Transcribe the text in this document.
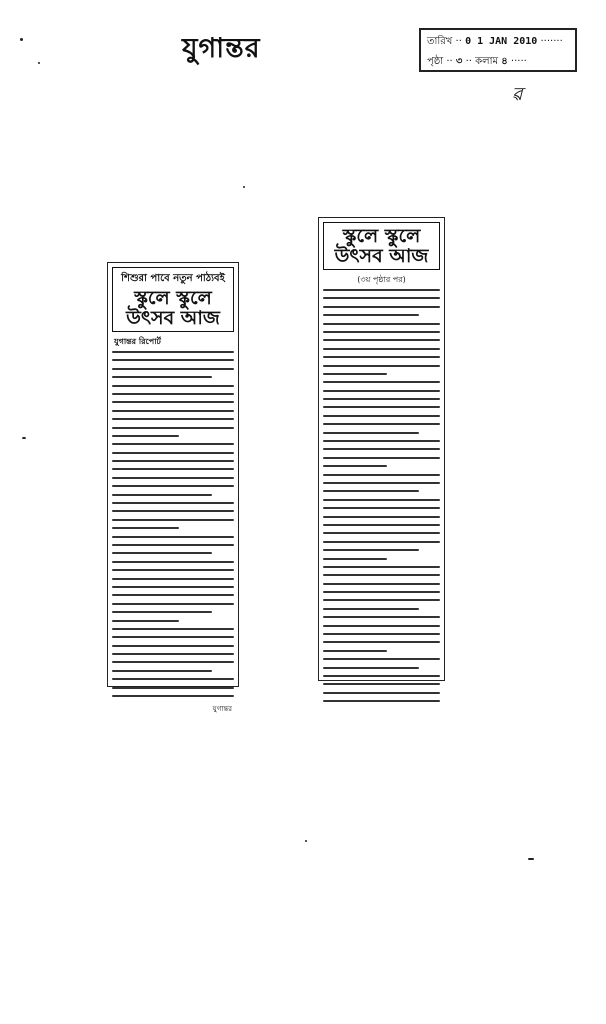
যুগান্তর	তারিখ ·· 0 1 JAN 2010 ·······
পৃষ্ঠা ·· ৩ ·· কলাম ৪ ·····
ৱ
শিশুরা পাবে নতুন পাঠ্যবই
স্কুলে স্কুলে উৎসব আজ
যুগান্তর রিপোর্ট
যুগান্তর
স্কুলে স্কুলে উৎসব আজ
(৩য় পৃষ্ঠার পর)
